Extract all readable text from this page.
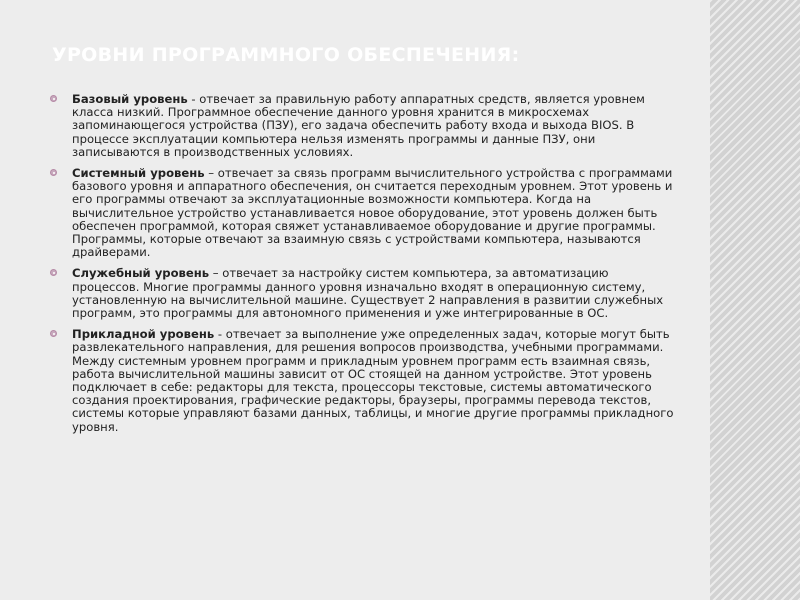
УРОВНИ ПРОГРАММНОГО ОБЕСПЕЧЕНИЯ:
Базовый уровень - отвечает за правильную работу аппаратных средств, является уровнем класса низкий. Программное обеспечение данного уровня хранится в микросхемах запоминающегося устройства (ПЗУ), его задача обеспечить работу входа и выхода BIOS. В процессе эксплуатации компьютера нельзя изменять программы и данные ПЗУ, они записываются в производственных условиях.
Системный уровень – отвечает за связь программ вычислительного устройства с программами базового уровня и аппаратного обеспечения, он считается переходным уровнем. Этот уровень и его программы отвечают за эксплуатационные возможности компьютера. Когда на вычислительное устройство устанавливается новое оборудование, этот уровень должен быть обеспечен программой, которая свяжет устанавливаемое оборудование и другие программы. Программы, которые отвечают за взаимную связь с устройствами компьютера, называются драйверами.
Служебный уровень – отвечает за настройку систем компьютера, за автоматизацию процессов. Многие программы данного уровня изначально входят в операционную систему, установленную на вычислительной машине. Существует 2 направления в развитии служебных программ, это программы для автономного применения и уже интегрированные в ОС.
Прикладной уровень - отвечает за выполнение уже определенных задач, которые могут быть развлекательного направления, для решения вопросов производства, учебными программами. Между системным уровнем программ и прикладным уровнем программ есть взаимная связь, работа вычислительной машины зависит от ОС стоящей на данном устройстве. Этот уровень подключает в себе: редакторы для текста, процессоры текстовые, системы автоматического создания проектирования, графические редакторы, браузеры, программы перевода текстов, системы которые управляют базами данных, таблицы, и многие другие программы прикладного уровня.
